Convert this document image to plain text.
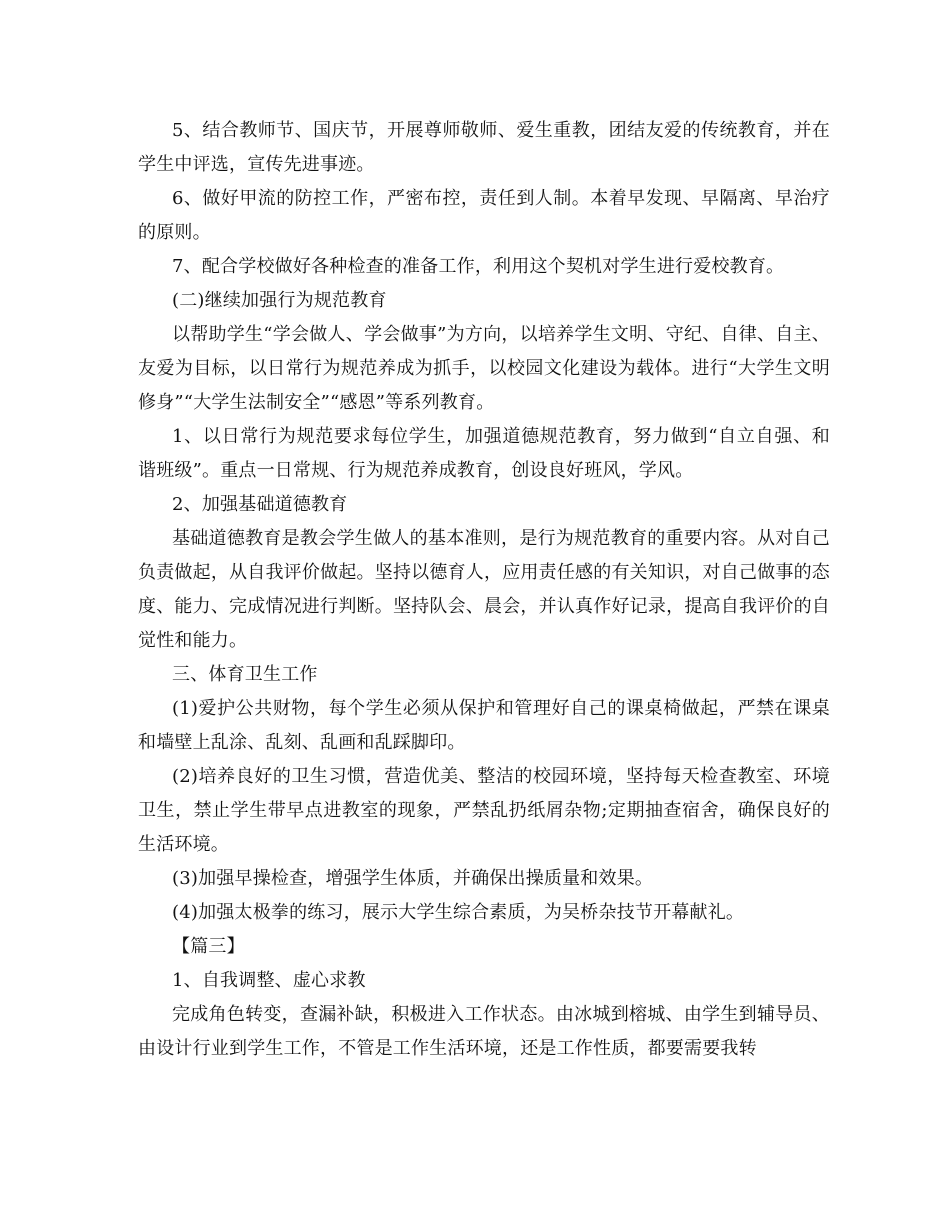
5、结合教师节、国庆节，开展尊师敬师、爱生重教，团结友爱的传统教育，并在学生中评选，宣传先进事迹。

6、做好甲流的防控工作，严密布控，责任到人制。本着早发现、早隔离、早治疗的原则。

7、配合学校做好各种检查的准备工作，利用这个契机对学生进行爱校教育。

(二)继续加强行为规范教育

以帮助学生“学会做人、学会做事”为方向，以培养学生文明、守纪、自律、自主、友爱为目标，以日常行为规范养成为抓手，以校园文化建设为载体。进行“大学生文明修身”“大学生法制安全”“感恩”等系列教育。

1、以日常行为规范要求每位学生，加强道德规范教育，努力做到“自立自强、和谐班级”。重点一日常规、行为规范养成教育，创设良好班风，学风。

2、加强基础道德教育

基础道德教育是教会学生做人的基本准则，是行为规范教育的重要内容。从对自己负责做起，从自我评价做起。坚持以德育人，应用责任感的有关知识，对自己做事的态度、能力、完成情况进行判断。坚持队会、晨会，并认真作好记录，提高自我评价的自觉性和能力。

三、体育卫生工作

(1)爱护公共财物，每个学生必须从保护和管理好自己的课桌椅做起，严禁在课桌和墙壁上乱涂、乱刻、乱画和乱踩脚印。

(2)培养良好的卫生习惯，营造优美、整洁的校园环境，坚持每天检查教室、环境卫生，禁止学生带早点进教室的现象，严禁乱扔纸屑杂物;定期抽查宿舍，确保良好的生活环境。

(3)加强早操检查，增强学生体质，并确保出操质量和效果。

(4)加强太极拳的练习，展示大学生综合素质，为吴桥杂技节开幕献礼。

【篇三】

1、自我调整、虚心求教

完成角色转变，查漏补缺，积极进入工作状态。由冰城到榕城、由学生到辅导员、由设计行业到学生工作，不管是工作生活环境，还是工作性质，都要需要我转
